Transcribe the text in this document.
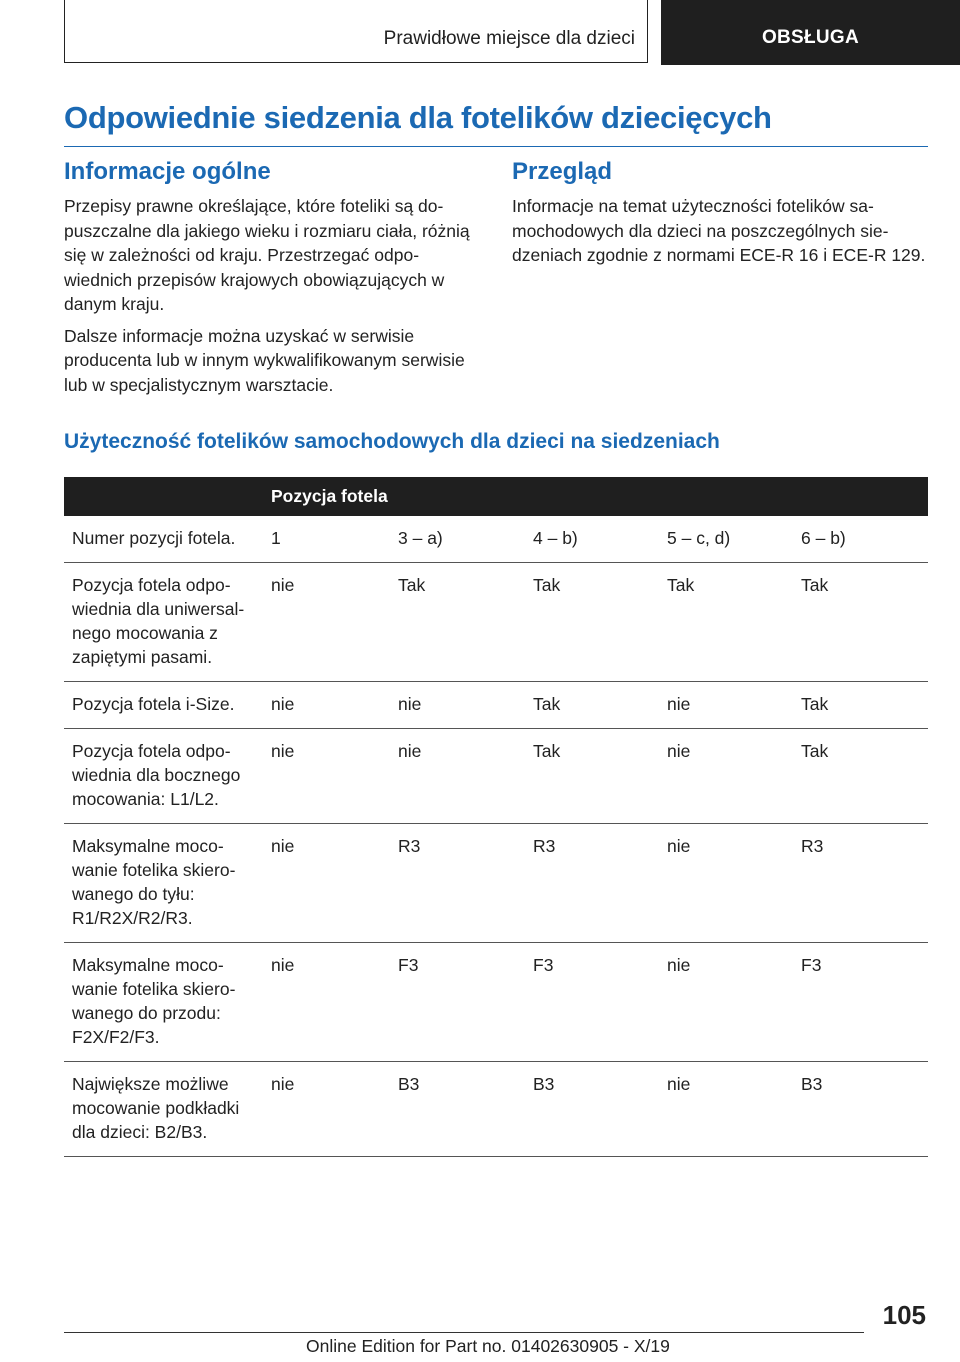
Prawidłowe miejsce dla dzieci	OBSŁUGA
Odpowiednie siedzenia dla fotelików dziecięcych
Informacje ogólne

Przepisy prawne określające, które foteliki są dopuszczalne dla jakiego wieku i rozmiaru ciała, różnią się w zależności od kraju. Przestrzegać odpowiednich przepisów krajowych obowiązujących w danym kraju.

Dalsze informacje można uzyskać w serwisie producenta lub w innym wykwalifikowanym serwisie lub w specjalistycznym warsztacie.

Przegląd

Informacje na temat użyteczności fotelików samochodowych dla dzieci na poszczególnych siedzeniach zgodnie z normami ECE-R 16 i ECE-R 129.

Użyteczność fotelików samochodowych dla dzieci na siedzeniach
	Pozycja fotela				
Numer pozycji fotela.	1	3 – a)	4 – b)	5 – c, d)	6 – b)
Pozycja fotela odpowiednia dla uniwersalnego mocowania z zapiętymi pasami.	nie	Tak	Tak	Tak	Tak
Pozycja fotela i-Size.	nie	nie	Tak	nie	Tak
Pozycja fotela odpowiednia dla bocznego mocowania: L1/L2.	nie	nie	Tak	nie	Tak
Maksymalne mocowanie fotelika skierowanego do tyłu: R1/R2X/R2/R3.	nie	R3	R3	nie	R3
Maksymalne mocowanie fotelika skierowanego do przodu: F2X/F2/F3.	nie	F3	F3	nie	F3
Największe możliwe mocowanie podkładki dla dzieci: B2/B3.	nie	B3	B3	nie	B3
105
Online Edition for Part no. 01402630905 - X/19
